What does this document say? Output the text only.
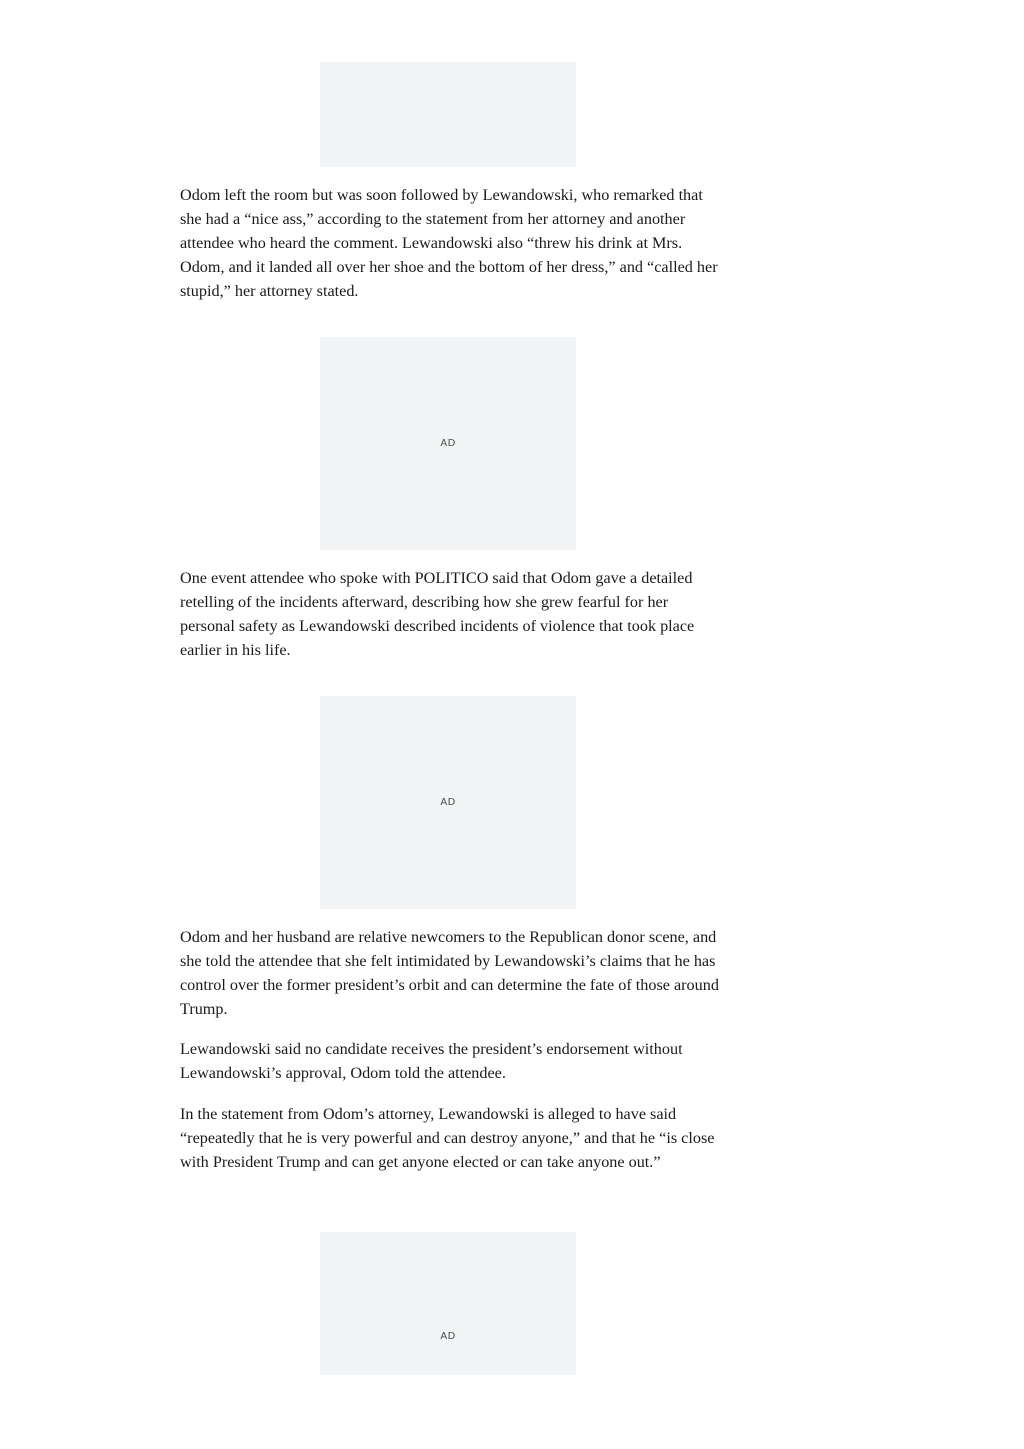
Odom left the room but was soon followed by Lewandowski, who remarked that she had a “nice ass,” according to the statement from her attorney and another attendee who heard the comment. Lewandowski also “threw his drink at Mrs. Odom, and it landed all over her shoe and the bottom of her dress,” and “called her stupid,” her attorney stated.

AD

One event attendee who spoke with POLITICO said that Odom gave a detailed retelling of the incidents afterward, describing how she grew fearful for her personal safety as Lewandowski described incidents of violence that took place earlier in his life.

AD

Odom and her husband are relative newcomers to the Republican donor scene, and she told the attendee that she felt intimidated by Lewandowski’s claims that he has control over the former president’s orbit and can determine the fate of those around Trump.

Lewandowski said no candidate receives the president’s endorsement without Lewandowski’s approval, Odom told the attendee.

In the statement from Odom’s attorney, Lewandowski is alleged to have said “repeatedly that he is very powerful and can destroy anyone,” and that he “is close with President Trump and can get anyone elected or can take anyone out.”

AD
